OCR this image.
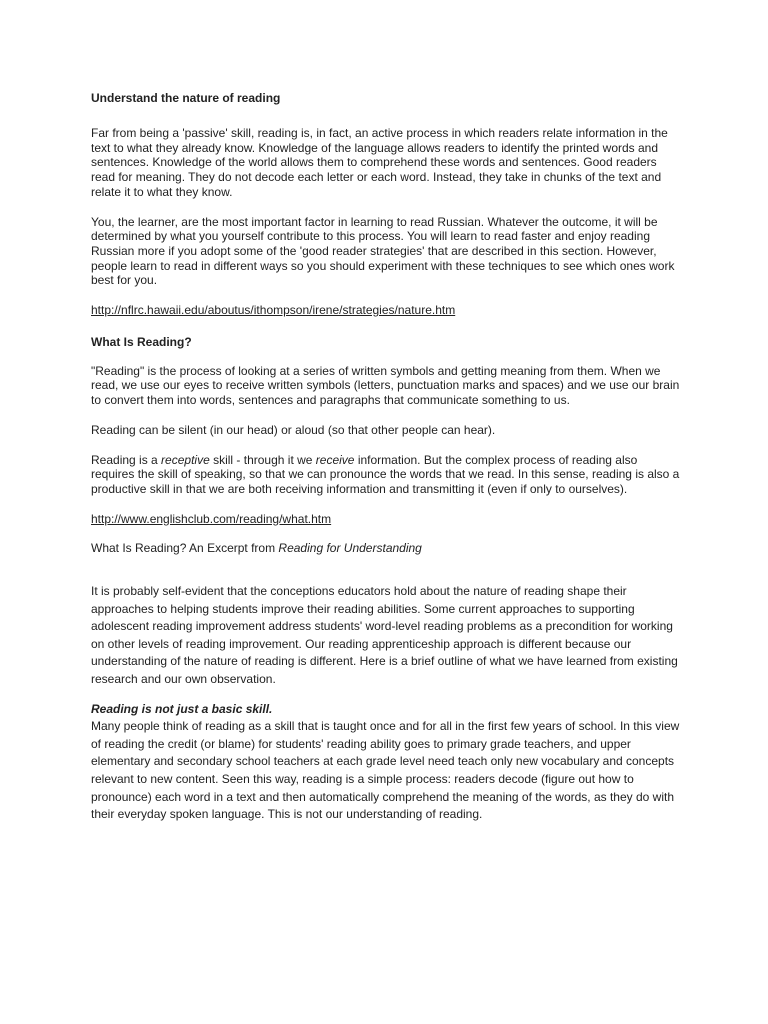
Understand the nature of reading

Far from being a 'passive' skill, reading is, in fact, an active process in which readers relate information in the text to what they already know. Knowledge of the language allows readers to identify the printed words and sentences. Knowledge of the world allows them to comprehend these words and sentences. Good readers read for meaning. They do not decode each letter or each word. Instead, they take in chunks of the text and relate it to what they know.

You, the learner, are the most important factor in learning to read Russian. Whatever the outcome, it will be determined by what you yourself contribute to this process. You will learn to read faster and enjoy reading Russian more if you adopt some of the 'good reader strategies' that are described in this section. However, people learn to read in different ways so you should experiment with these techniques to see which ones work best for you.

http://nflrc.hawaii.edu/aboutus/ithompson/irene/strategies/nature.htm

What Is Reading?

"Reading" is the process of looking at a series of written symbols and getting meaning from them. When we read, we use our eyes to receive written symbols (letters, punctuation marks and spaces) and we use our brain to convert them into words, sentences and paragraphs that communicate something to us.

Reading can be silent (in our head) or aloud (so that other people can hear).

Reading is a receptive skill - through it we receive information. But the complex process of reading also requires the skill of speaking, so that we can pronounce the words that we read. In this sense, reading is also a productive skill in that we are both receiving information and transmitting it (even if only to ourselves).

http://www.englishclub.com/reading/what.htm

What Is Reading? An Excerpt from Reading for Understanding

It is probably self-evident that the conceptions educators hold about the nature of reading shape their approaches to helping students improve their reading abilities. Some current approaches to supporting adolescent reading improvement address students' word-level reading problems as a precondition for working on other levels of reading improvement. Our reading apprenticeship approach is different because our understanding of the nature of reading is different. Here is a brief outline of what we have learned from existing research and our own observation.

Reading is not just a basic skill.

Many people think of reading as a skill that is taught once and for all in the first few years of school. In this view of reading the credit (or blame) for students' reading ability goes to primary grade teachers, and upper elementary and secondary school teachers at each grade level need teach only new vocabulary and concepts relevant to new content. Seen this way, reading is a simple process: readers decode (figure out how to pronounce) each word in a text and then automatically comprehend the meaning of the words, as they do with their everyday spoken language. This is not our understanding of reading.
